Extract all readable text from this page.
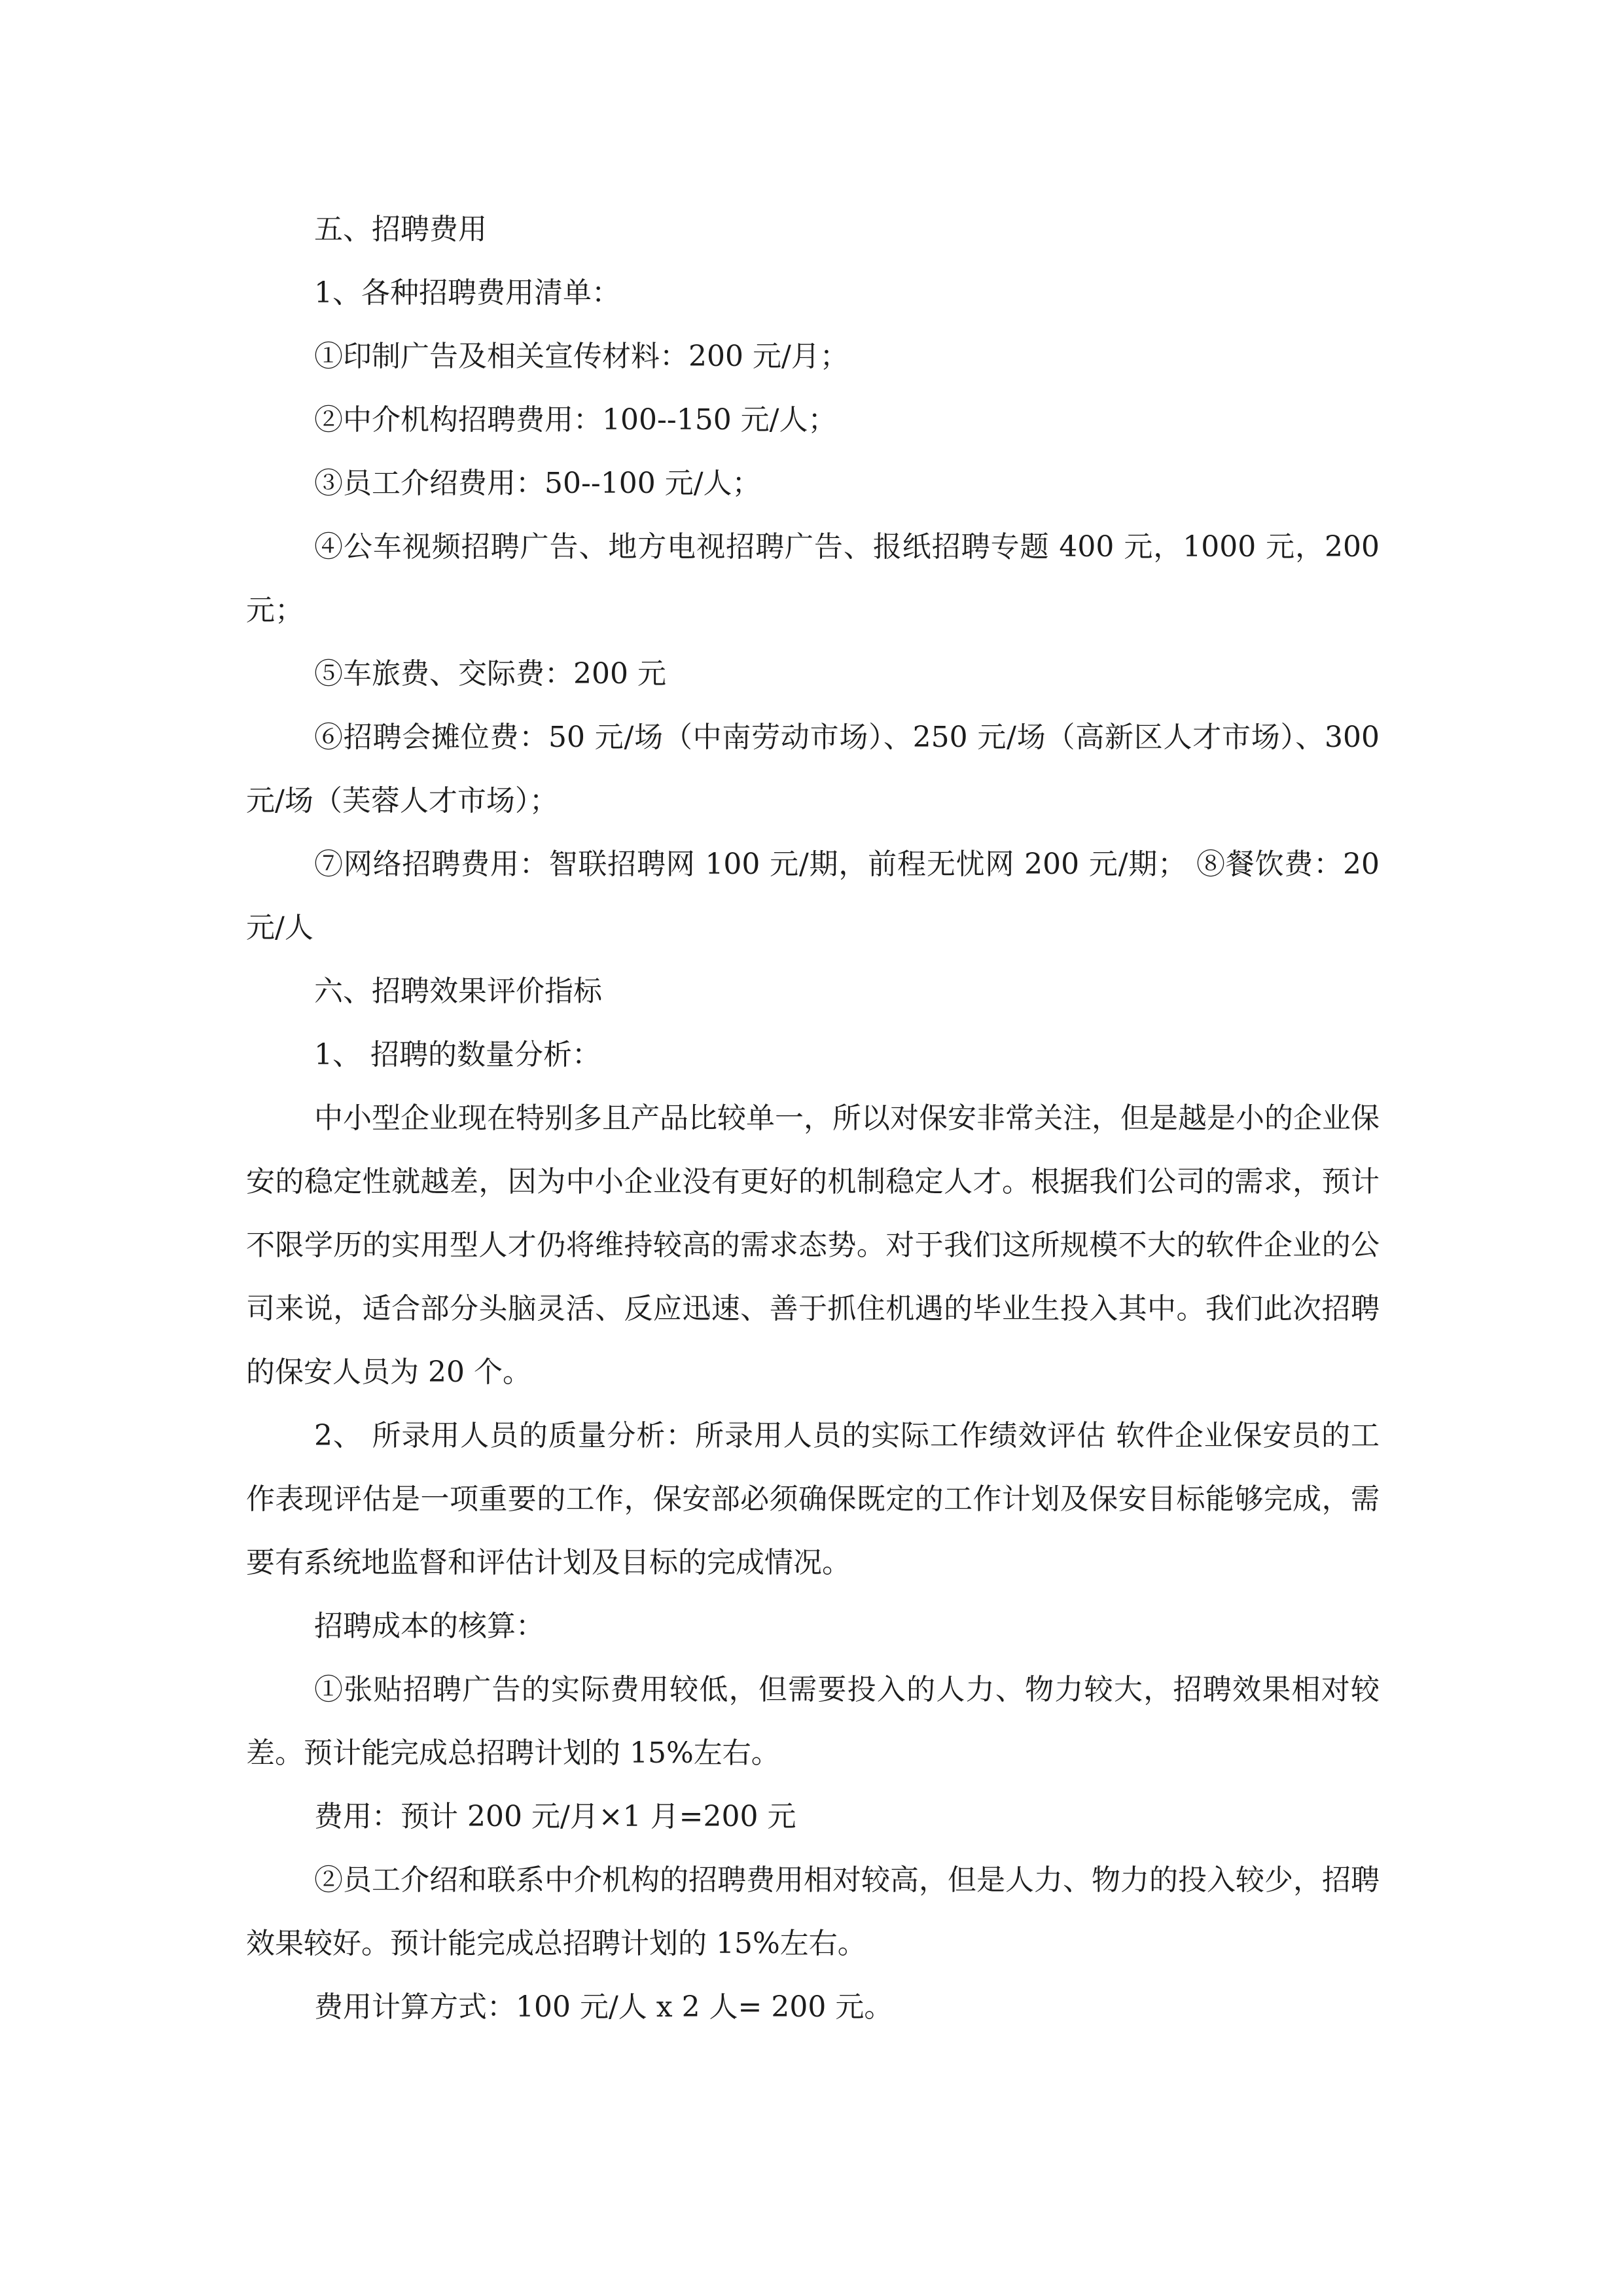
五、招聘费用

1、各种招聘费用清单：

①印制广告及相关宣传材料：200 元/月；

②中介机构招聘费用：100--150 元/人；

③员工介绍费用：50--100 元/人；

④公车视频招聘广告、地方电视招聘广告、报纸招聘专题 400 元，1000 元，200 元；

⑤车旅费、交际费：200 元

⑥招聘会摊位费：50 元/场（中南劳动市场）、250 元/场（高新区人才市场）、300 元/场（芙蓉人才市场）；

⑦网络招聘费用：智联招聘网 100 元/期，前程无忧网 200 元/期； ⑧餐饮费：20 元/人

六、招聘效果评价指标

1、 招聘的数量分析：

中小型企业现在特别多且产品比较单一，所以对保安非常关注，但是越是小的企业保安的稳定性就越差，因为中小企业没有更好的机制稳定人才。根据我们公司的需求，预计不限学历的实用型人才仍将维持较高的需求态势。对于我们这所规模不大的软件企业的公司来说，适合部分头脑灵活、反应迅速、善于抓住机遇的毕业生投入其中。我们此次招聘的保安人员为 20 个。

2、 所录用人员的质量分析：所录用人员的实际工作绩效评估 软件企业保安员的工作表现评估是一项重要的工作，保安部必须确保既定的工作计划及保安目标能够完成，需要有系统地监督和评估计划及目标的完成情况。

招聘成本的核算：

①张贴招聘广告的实际费用较低，但需要投入的人力、物力较大，招聘效果相对较差。预计能完成总招聘计划的 15%左右。

费用：预计 200 元/月×1 月=200 元

②员工介绍和联系中介机构的招聘费用相对较高，但是人力、物力的投入较少，招聘效果较好。预计能完成总招聘计划的 15%左右。

费用计算方式：100 元/人 x 2 人= 200 元。
